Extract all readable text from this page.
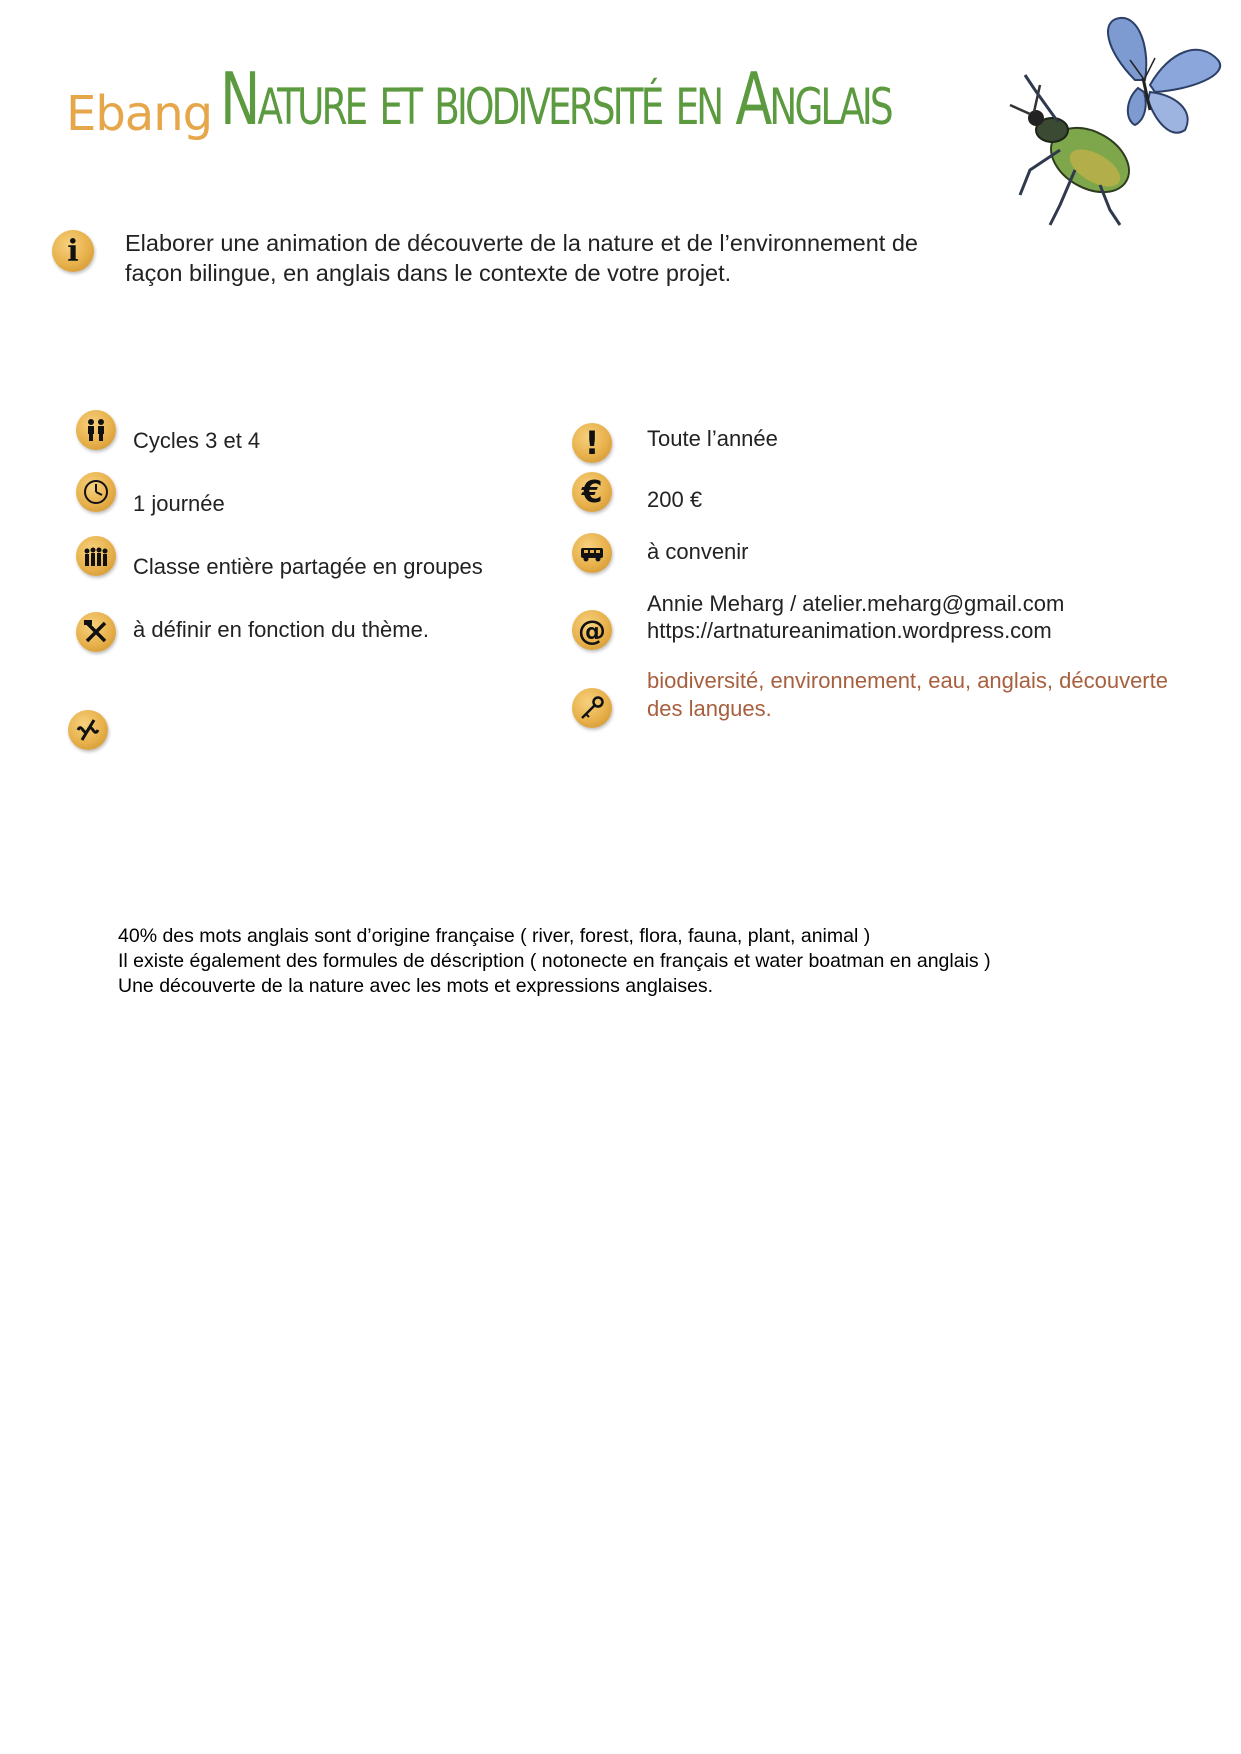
Ebang Nature et biodiversité en Anglais
i Elaborer une animation de découverte de la nature et de l’environnement de façon bilingue, en anglais dans le contexte de votre projet.
Cycles 3 et 4
1 journée
Classe entière partagée en groupes
à définir en fonction du thème.
! Toute l’année
€ 200 €
à convenir
@
Annie Meharg / atelier.meharg@gmail.com
https://artnatureanimation.wordpress.com
biodiversité, environnement, eau, anglais, découverte des langues.
40% des mots anglais sont d’origine française ( river, forest, flora, fauna, plant, animal )
Il existe également des formules de déscription ( notonecte en français et water boatman en anglais )
Une découverte de la nature avec les mots et expressions anglaises.
